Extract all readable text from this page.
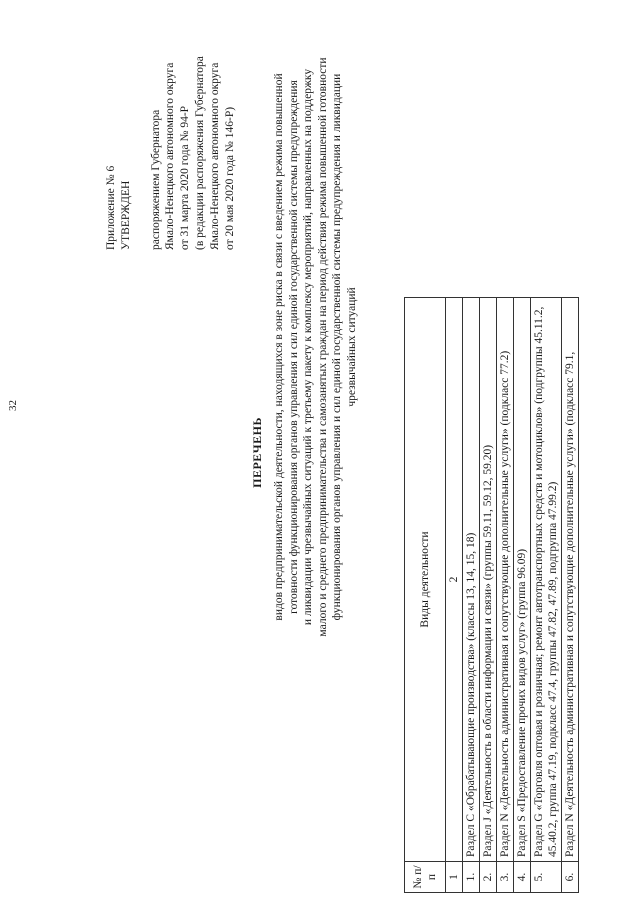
32
Приложение № 6 УТВЕРЖДЕН распоряжением Губернатора Ямало-Ненецкого автономного округа от 31 марта 2020 года № 94-Р (в редакции распоряжения Губернатора Ямало-Ненецкого автономного округа от 20 мая 2020 года № 146-Р)
ПЕРЕЧЕНЬ видов предпринимательской деятельности, находящихся в зоне риска в связи с введением режима повышенной готовности функционирования органов управления и сил единой государственной системы предупреждения и ликвидации чрезвычайных ситуаций к третьему пакету к комплексу мероприятий, направленных на поддержку малого и среднего предпринимательства и самозанятых граждан на период действия режима повышенной готовности функционирования органов управления и сил единой государственной системы предупреждения и ликвидации чрезвычайных ситуаций
№ п/п	Виды деятельности
1	2
1.	Раздел С «Обрабатывающие производства» (классы 13, 14, 15, 18)
2.	Раздел J «Деятельность в области информации и связи» (группы 59.11, 59.12, 59.20)
3.	Раздел N «Деятельность административная и сопутствующие дополнительные услуги» (подкласс 77.2)
4.	Раздел S «Предоставление прочих видов услуг» (группа 96.09)
5.	Раздел G «Торговля оптовая и розничная; ремонт автотранспортных средств и мотоциклов» (подгруппы 45.11.2, 45.40.2, группа 47.19, подкласс 47.4, группы 47.82, 47.89, подгруппа 47.99.2)
6.	Раздел N «Деятельность административная и сопутствующие дополнительные услуги» (подкласс 79.1,
